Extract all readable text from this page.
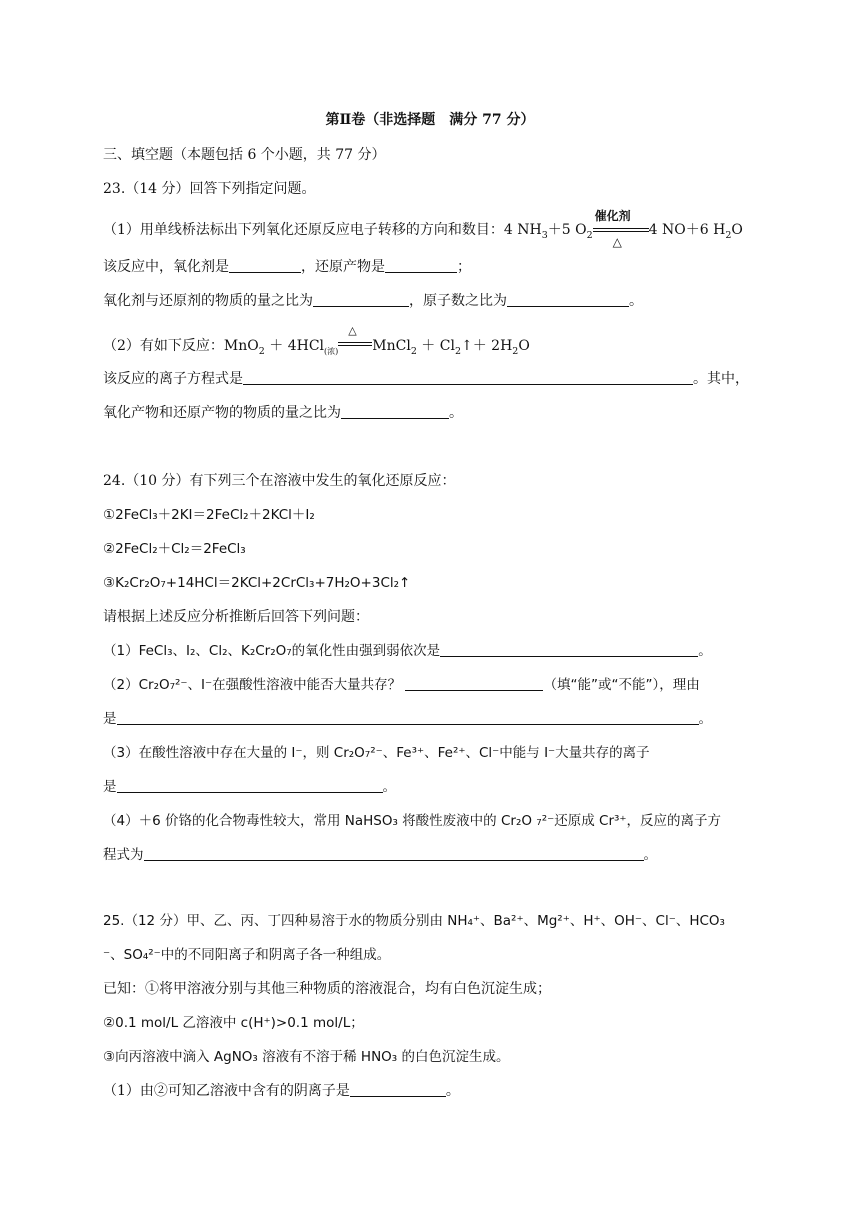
第Ⅱ卷（非选择题　满分 77 分）
三、填空题（本题包括 6 个小题，共 77 分）
23.（14 分）回答下列指定问题。
（1）用单线桥法标出下列氧化还原反应电子转移的方向和数目：4 $NH_3+5$ $O_2$
催化剂
△
4 NO＋6 $H_2O$
该反应中，氧化剂是	，还原产物是	；
氧化剂与还原剂的物质的量之比为	，原子数之比为	。
（2）有如下反应：MnO$_2$ ＋ 4HCl$_{(浓)}$
△
MnCl$_2$ ＋ $Cl_2↑+ 2H_2O$
该反应的离子方程式是	。其中，
氧化产物和还原产物的物质的量之比为	。
24.（10 分）有下列三个在溶液中发生的氧化还原反应：
①2FeCl₃＋2KI＝2FeCl₂＋2KCl＋I₂
②2FeCl₂＋Cl₂＝2FeCl₃
③K₂Cr₂O₇+14HCl＝2KCl+2CrCl₃+7H₂O+3Cl₂↑
请根据上述反应分析推断后回答下列问题：
（1）FeCl₃、I₂、Cl₂、K₂Cr₂O₇的氧化性由强到弱依次是	。
（2）Cr₂O₇²⁻、I⁻在强酸性溶液中能否大量共存？	（填“能”或“不能”），理由
是	。
（3）在酸性溶液中存在大量的 I⁻，则 Cr₂O₇²⁻、Fe³⁺、Fe²⁺、Cl⁻中能与 I⁻大量共存的离子
是	。
（4）＋6 价铬的化合物毒性较大，常用 NaHSO₃ 将酸性废液中的 Cr₂O ₇²⁻还原成 Cr³⁺，反应的离子方
程式为	。
25.（12 分）甲、乙、丙、丁四种易溶于水的物质分别由 NH₄⁺、Ba²⁺、Mg²⁺、H⁺、OH⁻、Cl⁻、HCO₃
⁻、SO₄²⁻中的不同阳离子和阴离子各一种组成。
已知：①将甲溶液分别与其他三种物质的溶液混合，均有白色沉淀生成；
②0.1 mol/L 乙溶液中 c(H⁺)>0.1 mol/L；
③向丙溶液中滴入 AgNO₃ 溶液有不溶于稀 HNO₃ 的白色沉淀生成。
（1）由②可知乙溶液中含有的阴离子是	。
